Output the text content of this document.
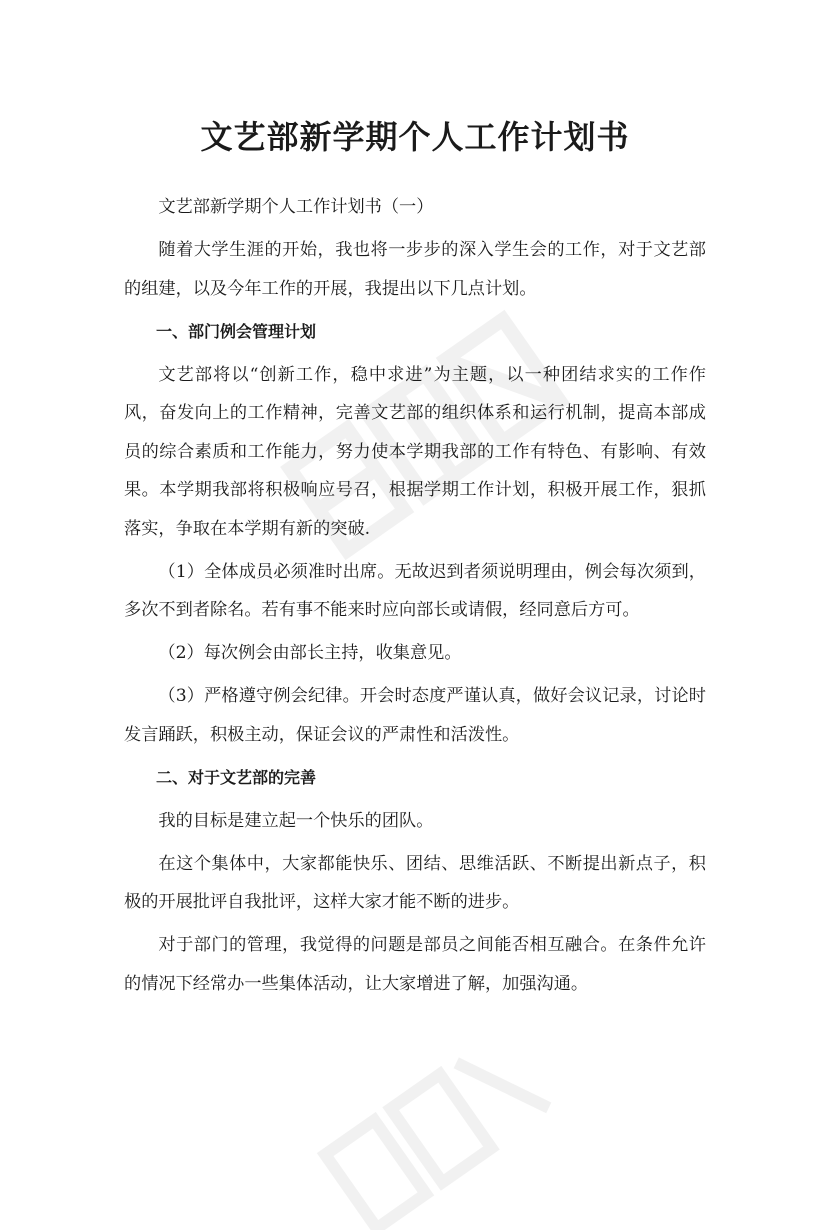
文艺部新学期个人工作计划书

文艺部新学期个人工作计划书（一）

随着大学生涯的开始，我也将一步步的深入学生会的工作，对于文艺部的组建，以及今年工作的开展，我提出以下几点计划。

一、部门例会管理计划

文艺部将以“创新工作，稳中求进”为主题，以一种团结求实的工作作风，奋发向上的工作精神，完善文艺部的组织体系和运行机制，提高本部成员的综合素质和工作能力，努力使本学期我部的工作有特色、有影响、有效果。本学期我部将积极响应号召，根据学期工作计划，积极开展工作，狠抓落实，争取在本学期有新的突破.

（1）全体成员必须准时出席。无故迟到者须说明理由，例会每次须到，多次不到者除名。若有事不能来时应向部长或请假，经同意后方可。

（2）每次例会由部长主持，收集意见。

（3）严格遵守例会纪律。开会时态度严谨认真，做好会议记录，讨论时发言踊跃，积极主动，保证会议的严肃性和活泼性。

二、对于文艺部的完善

我的目标是建立起一个快乐的团队。

在这个集体中，大家都能快乐、团结、思维活跃、不断提出新点子，积极的开展批评自我批评，这样大家才能不断的进步。

对于部门的管理，我觉得的问题是部员之间能否相互融合。在条件允许的情况下经常办一些集体活动，让大家增进了解，加强沟通。
